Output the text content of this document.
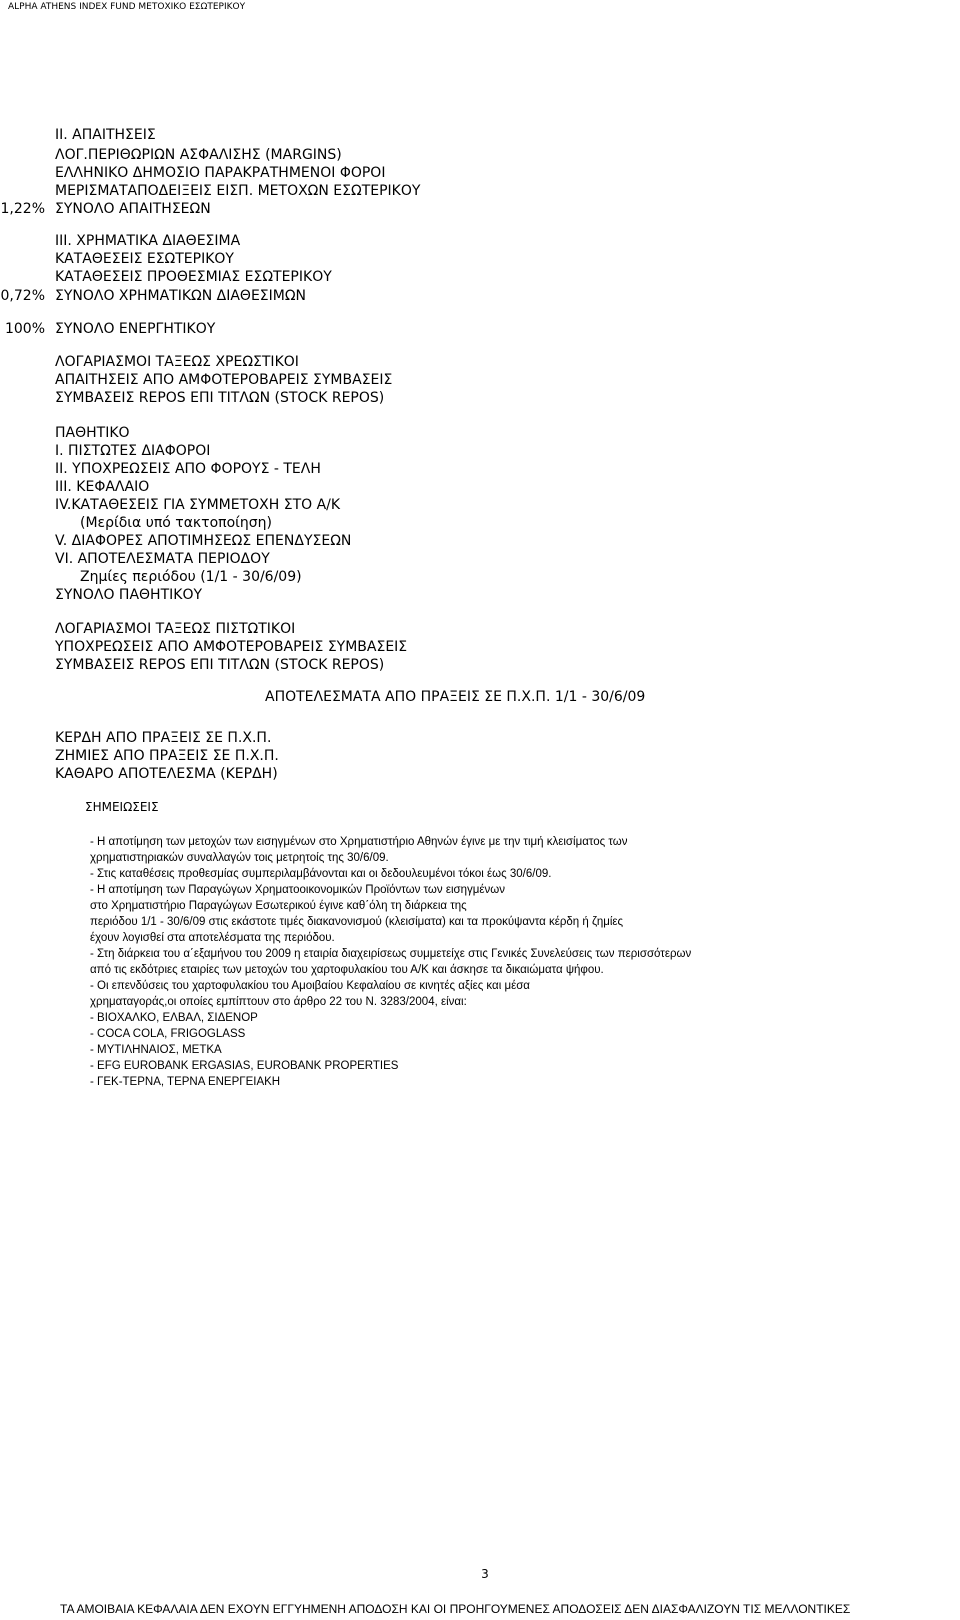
ALPHA ATHENS INDEX FUND ΜΕΤΟΧΙΚΟ ΕΣΩΤΕΡΙΚΟΥ
ΙΙ. ΑΠΑΙΤΗΣΕΙΣ
ΛΟΓ.ΠΕΡΙΘΩΡΙΩΝ ΑΣΦΑΛΙΣΗΣ (MARGINS)
ΕΛΛΗΝΙΚΟ ΔΗΜΟΣΙΟ ΠΑΡΑΚΡΑΤΗΜΕΝΟΙ ΦΟΡΟΙ
ΜΕΡΙΣΜΑΤΑΠΟΔΕΙΞΕΙΣ ΕΙΣΠ. ΜΕΤΟΧΩΝ ΕΣΩΤΕΡΙΚΟΥ
ΣΥΝΟΛΟ ΑΠΑΙΤΗΣΕΩΝ
1,22%
ΙΙΙ. ΧΡΗΜΑΤΙΚΑ ΔΙΑΘΕΣΙΜΑ
ΚΑΤΑΘΕΣΕΙΣ ΕΣΩΤΕΡΙΚΟΥ
ΚΑΤΑΘΕΣΕΙΣ ΠΡΟΘΕΣΜΙΑΣ ΕΣΩΤΕΡΙΚΟΥ
ΣΥΝΟΛΟ ΧΡΗΜΑΤΙΚΩΝ ΔΙΑΘΕΣΙΜΩΝ
0,72%
ΣΥΝΟΛΟ ΕΝΕΡΓΗΤΙΚΟΥ
100%
ΛΟΓΑΡΙΑΣΜΟΙ ΤΑΞΕΩΣ ΧΡΕΩΣΤΙΚΟΙ
ΑΠΑΙΤΗΣΕΙΣ ΑΠΟ ΑΜΦΟΤΕΡΟΒΑΡΕΙΣ ΣΥΜΒΑΣΕΙΣ
ΣΥΜΒΑΣΕΙΣ REPOS ΕΠΙ ΤΙΤΛΩΝ (STOCK REPOS)
ΠΑΘΗΤΙΚΟ
Ι. ΠΙΣΤΩΤΕΣ ΔΙΑΦΟΡΟΙ
ΙΙ. ΥΠΟΧΡΕΩΣΕΙΣ ΑΠΟ ΦΟΡΟΥΣ - ΤΕΛΗ
ΙΙΙ. ΚΕΦΑΛΑΙΟ
ΙV.ΚΑΤΑΘΕΣΕΙΣ ΓΙΑ ΣΥΜΜΕΤΟΧΗ ΣΤΟ Α/Κ
(Μερίδια υπό τακτοποίηση)
V. ΔΙΑΦΟΡΕΣ ΑΠΟΤΙΜΗΣΕΩΣ ΕΠΕΝΔΥΣΕΩΝ
VI. ΑΠΟΤΕΛΕΣΜΑΤΑ ΠΕΡΙΟΔΟΥ
Ζημίες περιόδου (1/1 - 30/6/09)
ΣΥΝΟΛΟ ΠΑΘΗΤΙΚΟΥ
ΛΟΓΑΡΙΑΣΜΟΙ ΤΑΞΕΩΣ ΠΙΣΤΩΤΙΚΟΙ
ΥΠΟΧΡΕΩΣΕΙΣ ΑΠΟ ΑΜΦΟΤΕΡΟΒΑΡΕΙΣ ΣΥΜΒΑΣΕΙΣ
ΣΥΜΒΑΣΕΙΣ REPOS ΕΠΙ ΤΙΤΛΩΝ (STOCK REPOS)
ΑΠΟΤΕΛΕΣΜΑΤΑ ΑΠΟ ΠΡΑΞΕΙΣ ΣΕ Π.Χ.Π. 1/1 - 30/6/09
ΚΕΡΔΗ ΑΠΟ ΠΡΑΞΕΙΣ ΣΕ Π.Χ.Π.
ΖΗΜΙΕΣ ΑΠΟ ΠΡΑΞΕΙΣ ΣΕ Π.Χ.Π.
ΚΑΘΑΡΟ ΑΠΟΤΕΛΕΣΜΑ (ΚΕΡΔΗ)
ΣΗΜΕΙΩΣΕΙΣ
- Η αποτίμηση των μετοχών των εισηγμένων στο Χρηματιστήριο Αθηνών έγινε με την τιμή κλεισίματος των
χρηματιστηριακών συναλλαγών τοις μετρητοίς της 30/6/09.
- Στις καταθέσεις προθεσμίας συμπεριλαμβάνονται και οι δεδουλευμένοι τόκοι έως 30/6/09.
- Η αποτίμηση των Παραγώγων Χρηματοοικονομικών Προϊόντων των εισηγμένων
στο Χρηματιστήριο Παραγώγων Εσωτερικού έγινε καθ΄όλη τη διάρκεια της
περιόδου 1/1 - 30/6/09 στις εκάστοτε τιμές διακανονισμού (κλεισίματα) και τα προκύψαντα κέρδη ή ζημίες
έχουν λογισθεί στα αποτελέσματα της περιόδου.
- Στη διάρκεια του α΄εξαμήνου του 2009 η εταιρία διαχειρίσεως συμμετείχε στις Γενικές Συνελεύσεις των περισσότερων
από τις εκδότριες εταιρίες των μετοχών του χαρτοφυλακίου του Α/Κ και άσκησε τα δικαιώματα ψήφου.
- Οι επενδύσεις του χαρτοφυλακίου του Αμοιβαίου Κεφαλαίου σε κινητές αξίες και μέσα
χρηματαγοράς,οι οποίες εμπίπτουν στο άρθρο 22 του Ν. 3283/2004, είναι:
- ΒΙΟΧΑΛΚΟ, ΕΛΒΑΛ, ΣΙΔΕΝΟΡ
- COCA COLA, FRIGOGLASS
- ΜΥΤΙΛΗΝΑΙΟΣ, ΜΕΤΚΑ
- EFG EUROBANK ERGASIAS, EUROBANK PROPERTIES
- ΓΕΚ-ΤΕΡΝΑ, ΤΕΡΝΑ ΕΝΕΡΓΕΙΑΚΗ
3
ΤΑ ΑΜΟΙΒΑΙΑ ΚΕΦΑΛΑΙΑ ΔΕΝ ΕΧΟΥΝ ΕΓΓΥΗΜΕΝΗ ΑΠΟΔΟΣΗ ΚΑΙ ΟΙ ΠΡΟΗΓΟΥΜΕΝΕΣ ΑΠΟΔΟΣΕΙΣ ΔΕΝ ΔΙΑΣΦΑΛΙΖΟΥΝ ΤΙΣ ΜΕΛΛΟΝΤΙΚΕΣ
